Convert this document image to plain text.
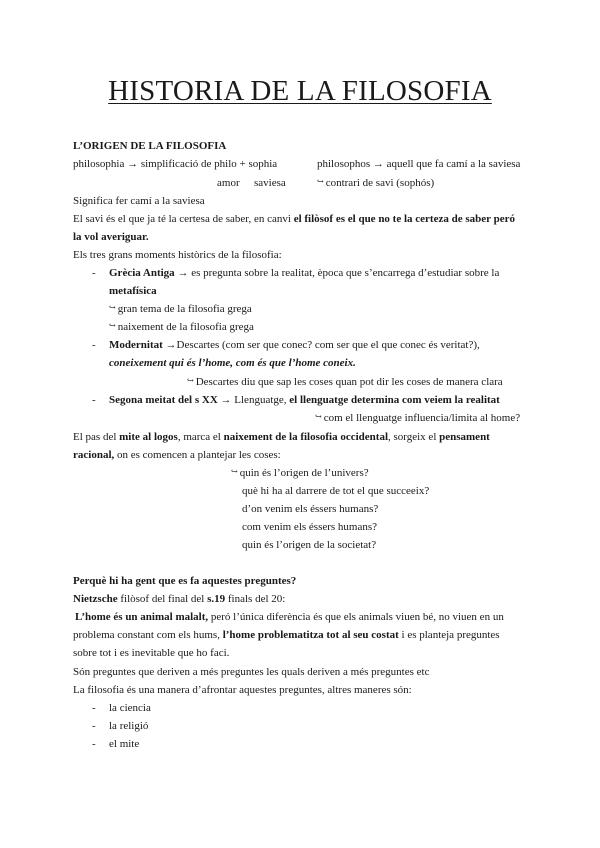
HISTORIA DE LA FILOSOFIA
L’ORIGEN DE LA FILOSOFIA
philosophia → simplificació de philo + sophia	philosophos → aquell que fa camí a la saviesa
amor saviesa	↪ contrari de savi (sophós)
Significa fer camí a la saviesa
El savi és el que ja té la certesa de saber, en canvi el filòsof es el que no te la certeza de saber peró
la vol averiguar.
Els tres grans moments històrics de la filosofia:
- Grècia Antiga → es pregunta sobre la realitat, època que s’encarrega d’estudiar sobre la
metafísica
↪ gran tema de la filosofia grega
↪ naixement de la filosofia grega
- Modernitat →Descartes (com ser que conec? com ser que el que conec és veritat?),
coneixement qui és l’home, com és que l’home coneix.
↪ Descartes diu que sap les coses quan pot dir les coses de manera clara
- Segona meitat del s XX → Llenguatge, el llenguatge determina com veiem la realitat
↪ com el llenguatge influencia/limita al home?
El pas del mite al logos, marca el naixement de la filosofia occidental, sorgeix el pensament
racional, on es comencen a plantejar les coses:
↪ quin és l’origen de l’univers?
què hi ha al darrere de tot el que succeeix?
d’on venim els éssers humans?
com venim els éssers humans?
quin és l’origen de la societat?
Perquè hi ha gent que es fa aquestes preguntes?
Nietzsche filòsof del final del s.19 finals del 20:
L’home és un animal malalt, peró l’única diferència és que els animals viuen bé, no viuen en un
problema constant com els hums, l’home problematitza tot al seu costat i es planteja preguntes
sobre tot i es inevitable que ho faci.
Són preguntes que deriven a més preguntes les quals deriven a més preguntes etc
La filosofia és una manera d’afrontar aquestes preguntes, altres maneres són:
- la ciencia
- la religió
- el mite
